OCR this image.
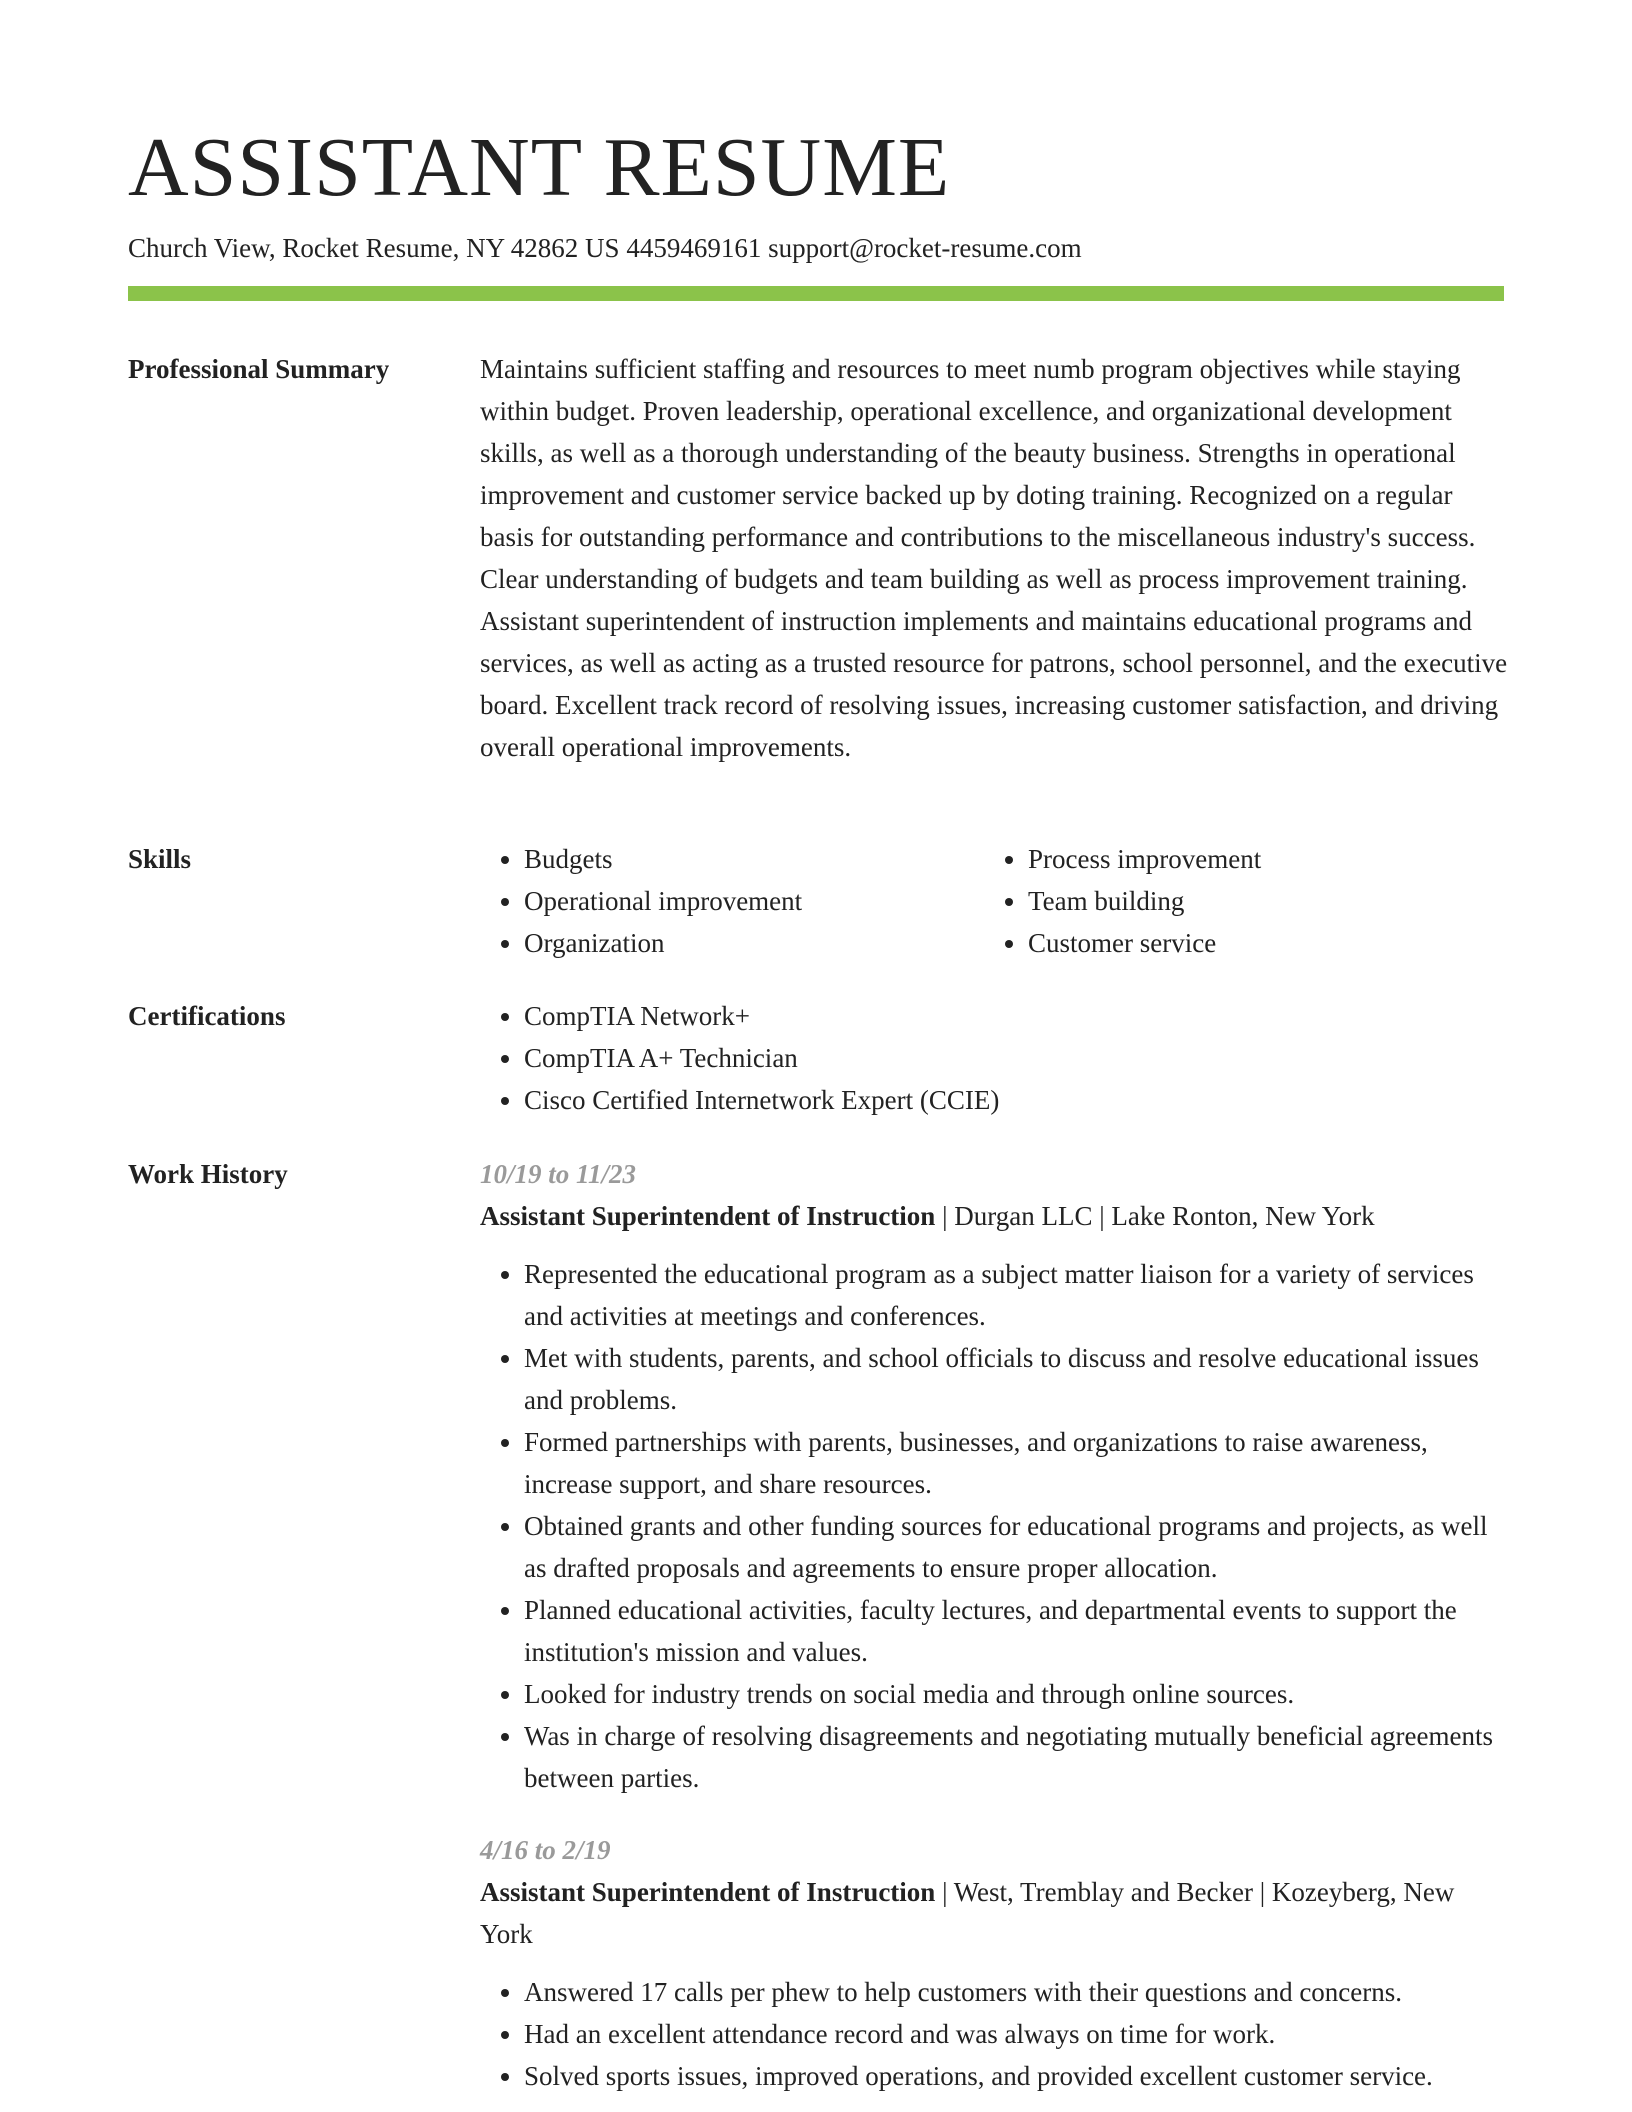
ASSISTANT RESUME
Church View, Rocket Resume, NY 42862 US 4459469161 support@rocket-resume.com
Professional Summary	Maintains sufficient staffing and resources to meet numb program objectives while staying within budget. Proven leadership, operational excellence, and organizational development skills, as well as a thorough understanding of the beauty business. Strengths in operational improvement and customer service backed up by doting training. Recognized on a regular basis for outstanding performance and contributions to the miscellaneous industry's success. Clear understanding of budgets and team building as well as process improvement training. Assistant superintendent of instruction implements and maintains educational programs and services, as well as acting as a trusted resource for patrons, school personnel, and the executive board. Excellent track record of resolving issues, increasing customer satisfaction, and driving overall operational improvements.

Skills	• Budgets	• Process improvement
• Operational improvement	• Team building
• Organization	• Customer service
Certifications	• CompTIA Network+
• CompTIA A+ Technician
• Cisco Certified Internetwork Expert (CCIE)
Work History	10/19 to 11/23
Assistant Superintendent of Instruction | Durgan LLC | Lake Ronton, New York
• Represented the educational program as a subject matter liaison for a variety of services and activities at meetings and conferences.
• Met with students, parents, and school officials to discuss and resolve educational issues and problems.
• Formed partnerships with parents, businesses, and organizations to raise awareness, increase support, and share resources.
• Obtained grants and other funding sources for educational programs and projects, as well as drafted proposals and agreements to ensure proper allocation.
• Planned educational activities, faculty lectures, and departmental events to support the institution's mission and values.
• Looked for industry trends on social media and through online sources.
• Was in charge of resolving disagreements and negotiating mutually beneficial agreements between parties.
4/16 to 2/19
Assistant Superintendent of Instruction | West, Tremblay and Becker | Kozeyberg, New York
• Answered 17 calls per phew to help customers with their questions and concerns.
• Had an excellent attendance record and was always on time for work.
• Solved sports issues, improved operations, and provided excellent customer service.
